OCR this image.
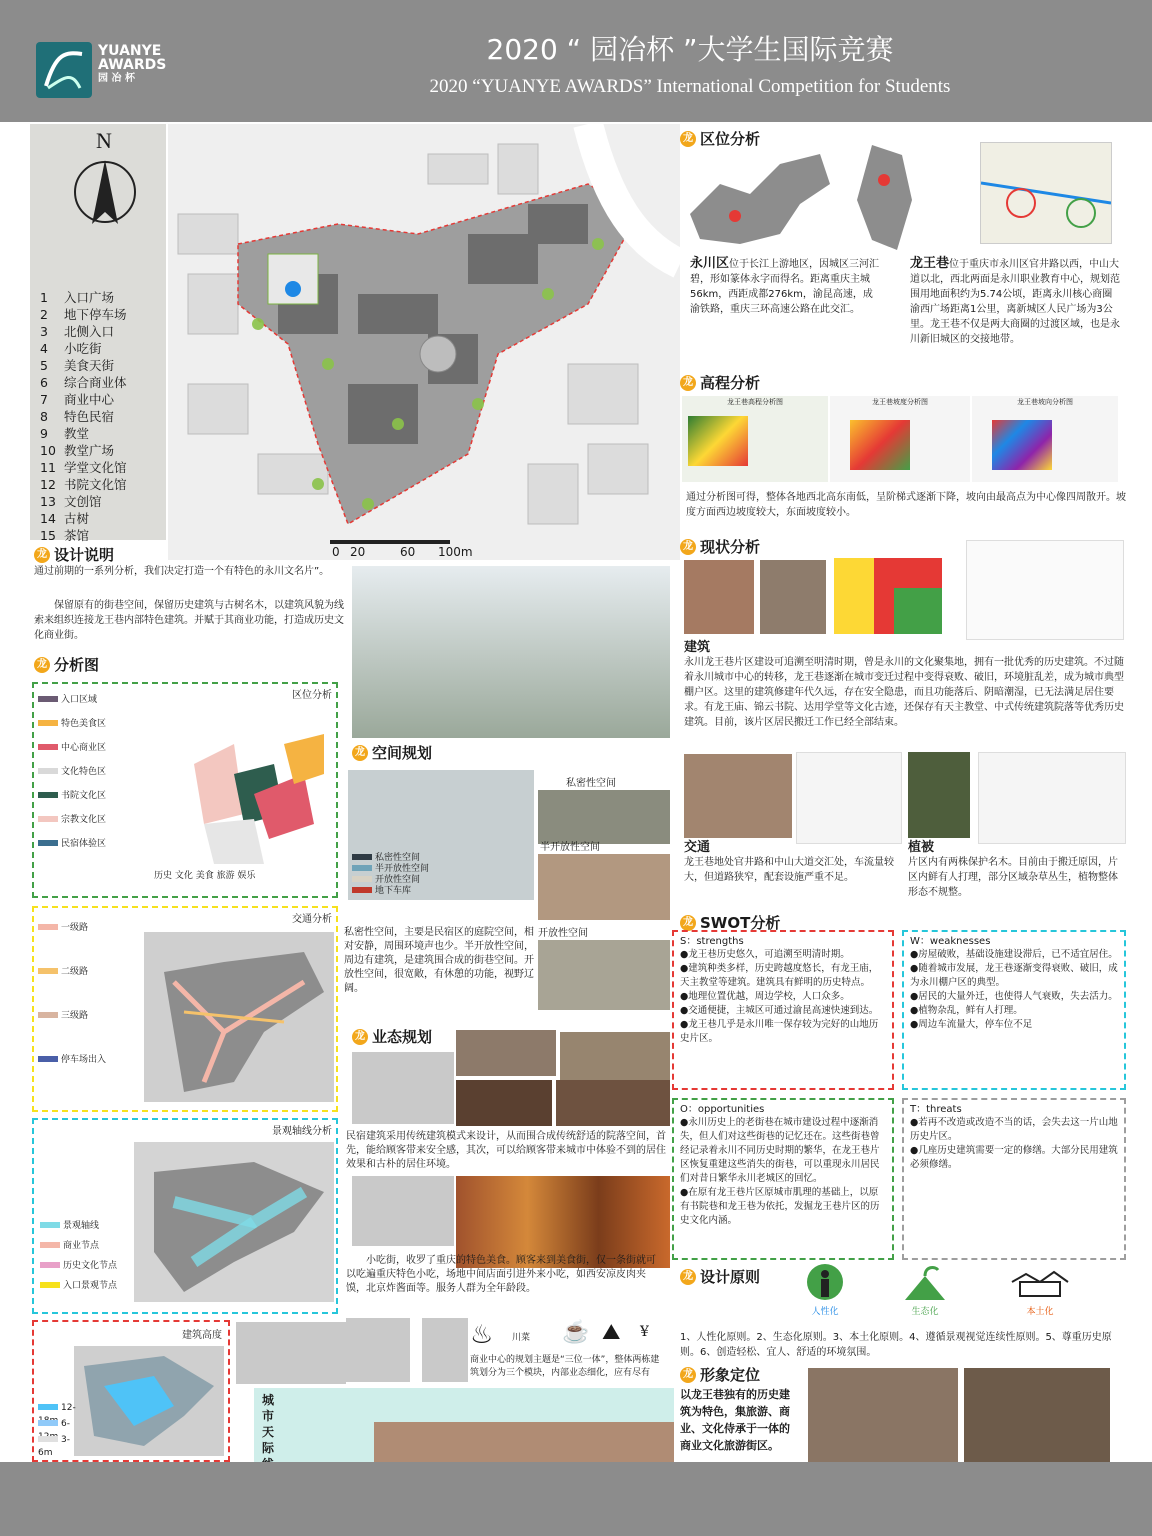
YUANYE
AWARDS
园 冶 杯
2020 “ 园冶杯 ”大学生国际竞赛
2020 “YUANYE AWARDS” International Competition for Students
N
1 入口广场
2 地下停车场
3 北侧入口
4 小吃街
5 美食天街
6 综合商业体
7 商业中心
8 特色民宿
9 教堂
10 教堂广场
11 学堂文化馆
12 书院文化馆
13 文创馆
14 古树
15 茶馆
0 20	60 100m
龙 设计说明
通过前期的一系列分析，我们决定打造一个有特色的永川文名片”。
保留原有的街巷空间，保留历史建筑与古树名木，以建筑风貌为线索来组织连接龙王巷内部特色建筑。并赋于其商业功能，打造成历史文化商业街。
龙 分析图
区位分析
入口区域
特色美食区
中心商业区
文化特色区
书院文化区
宗教文化区
民宿体验区
历史 文化 美食 旅游 娱乐
交通分析
一级路
二级路
三级路
停车场出入
景观轴线分析
景观轴线
商业节点
历史文化节点
入口景观节点
建筑高度
12-
6-
3-6m
龙 空间规划
私密性空间
半开放性空间
开放性空间
地下车库
私密性空间
半开放性空间
私密性空间，主要是民宿区的庭院空间，相对安静，周围环境声也少。半开放性空间，周边有建筑，是建筑围合成的街巷空间。开放性空间，很宽敞，有休憩的功能，视野辽阔。
开放性空间
龙 业态规划
民宿建筑采用传统建筑模式来设计，从而围合成传统舒适的院落空间，首先，能给顾客带来安全感，其次，可以给顾客带来城市中体验不到的居住效果和古朴的居住环境。
小吃街，收罗了重庆的特色美食。顾客来到美食街，仅一条街就可以吃遍重庆特色小吃，场地中间店面引进外来小吃，如西安凉皮肉夹馍，北京炸酱面等。服务人群为全年龄段。
♨ 川菜 ☕ ⛰ ¥
商业中心的规划主题是“三位一体”，整体两栋建筑划分为三个模块，内部业态细化，应有尽有
城市天际
龙 区位分析
永川区位于长江上游地区，因城区三河汇碧，形如篆体永字而得名。距离重庆主城56km，西距成都276km，渝昆高速，成渝铁路，重庆三环高速公路在此交汇。
龙王巷位于重庆市永川区官井路以西，中山大道以北，西北两面是永川职业教育中心，规划范围用地面积约为5.74公顷，距离永川核心商圈渝西广场距离1公里，离新城区人民广场为3公里。龙王巷不仅是两大商圈的过渡区域，也是永川新旧城区的交接地带。
龙 高程分析
龙王巷高程分析图	龙王巷坡度分析图	龙王巷坡向分析图
通过分析图可得，整体各地西北高东南低，呈阶梯式逐渐下降，坡向由最高点为中心像四周散开。坡度方面西边坡度较大，东面坡度较小。
龙 现状分析
建筑
永川龙王巷片区建设可追溯至明清时期，曾是永川的文化聚集地，拥有一批优秀的历史建筑。不过随着永川城市中心的转移，龙王巷逐渐在城市变迁过程中变得衰败、破旧，环境脏乱差，成为城市典型棚户区。这里的建筑修建年代久远，存在安全隐患，而且功能落后、阴暗潮湿，已无法满足居住要求。有龙王庙、锦云书院、达用学堂等文化古迹，还保存有天主教堂、中式传统建筑院落等优秀历史建筑。目前，该片区居民搬迁工作已经全部结束。
交通
龙王巷地处官井路和中山大道交汇处，车流量较大，但道路狭窄，配套设施严重不足。
植被
片区内有两株保护名木。目前由于搬迁原因，片区内鲜有人打理，部分区域杂草丛生，植物整体形态不规整。
龙 SWOT分析
S：strengths
●龙王巷历史悠久，可追溯至明清时期。
●建筑种类多样，历史跨越度悠长，有龙王庙，天主教堂等建筑。建筑具有鲜明的历史特点。
●地理位置优越，周边学校，人口众多。
●交通便捷，主城区可通过渝昆高速快速到达。
●龙王巷几乎是永川唯一保存较为完好的山地历史片区。
W：weaknesses
●房屋破败，基础设施建设滞后，已不适宜居住。
●随着城市发展，龙王巷逐渐变得衰败、破旧，成为永川棚户区的典型。
●居民的大量外迁，也使得人气衰败，失去活力。
●植物杂乱，鲜有人打理。
●周边车流量大，停车位不足
O：opportunities
●永川历史上的老街巷在城市建设过程中逐渐消失，但人们对这些街巷的记忆还在。这些街巷曾经记录着永川不同历史时期的繁华，在龙王巷片区恢复重建这些消失的街巷，可以重现永川居民们对昔日繁华永川老城区的回忆。
●在原有龙王巷片区原城市肌理的基础上，以原有书院巷和龙王巷为依托，发掘龙王巷片区的历史文化内涵。
T：threats
●若再不改造或改造不当的话，会失去这一片山地历史片区。
●几座历史建筑需要一定的修缮。大部分民用建筑必须修缮。
龙 设计原则
人性化	生态化	本土化
1、人性化原则。2、生态化原则。3、本土化原则。4、遵循景观视觉连续性原则。5、尊重历史原则。6、创造轻松、宜人、舒适的环境氛围。
龙 形象定位
以龙王巷独有的历史建筑为特色，集旅游、商业、文化侍承于一体的商业文化旅游街区。
